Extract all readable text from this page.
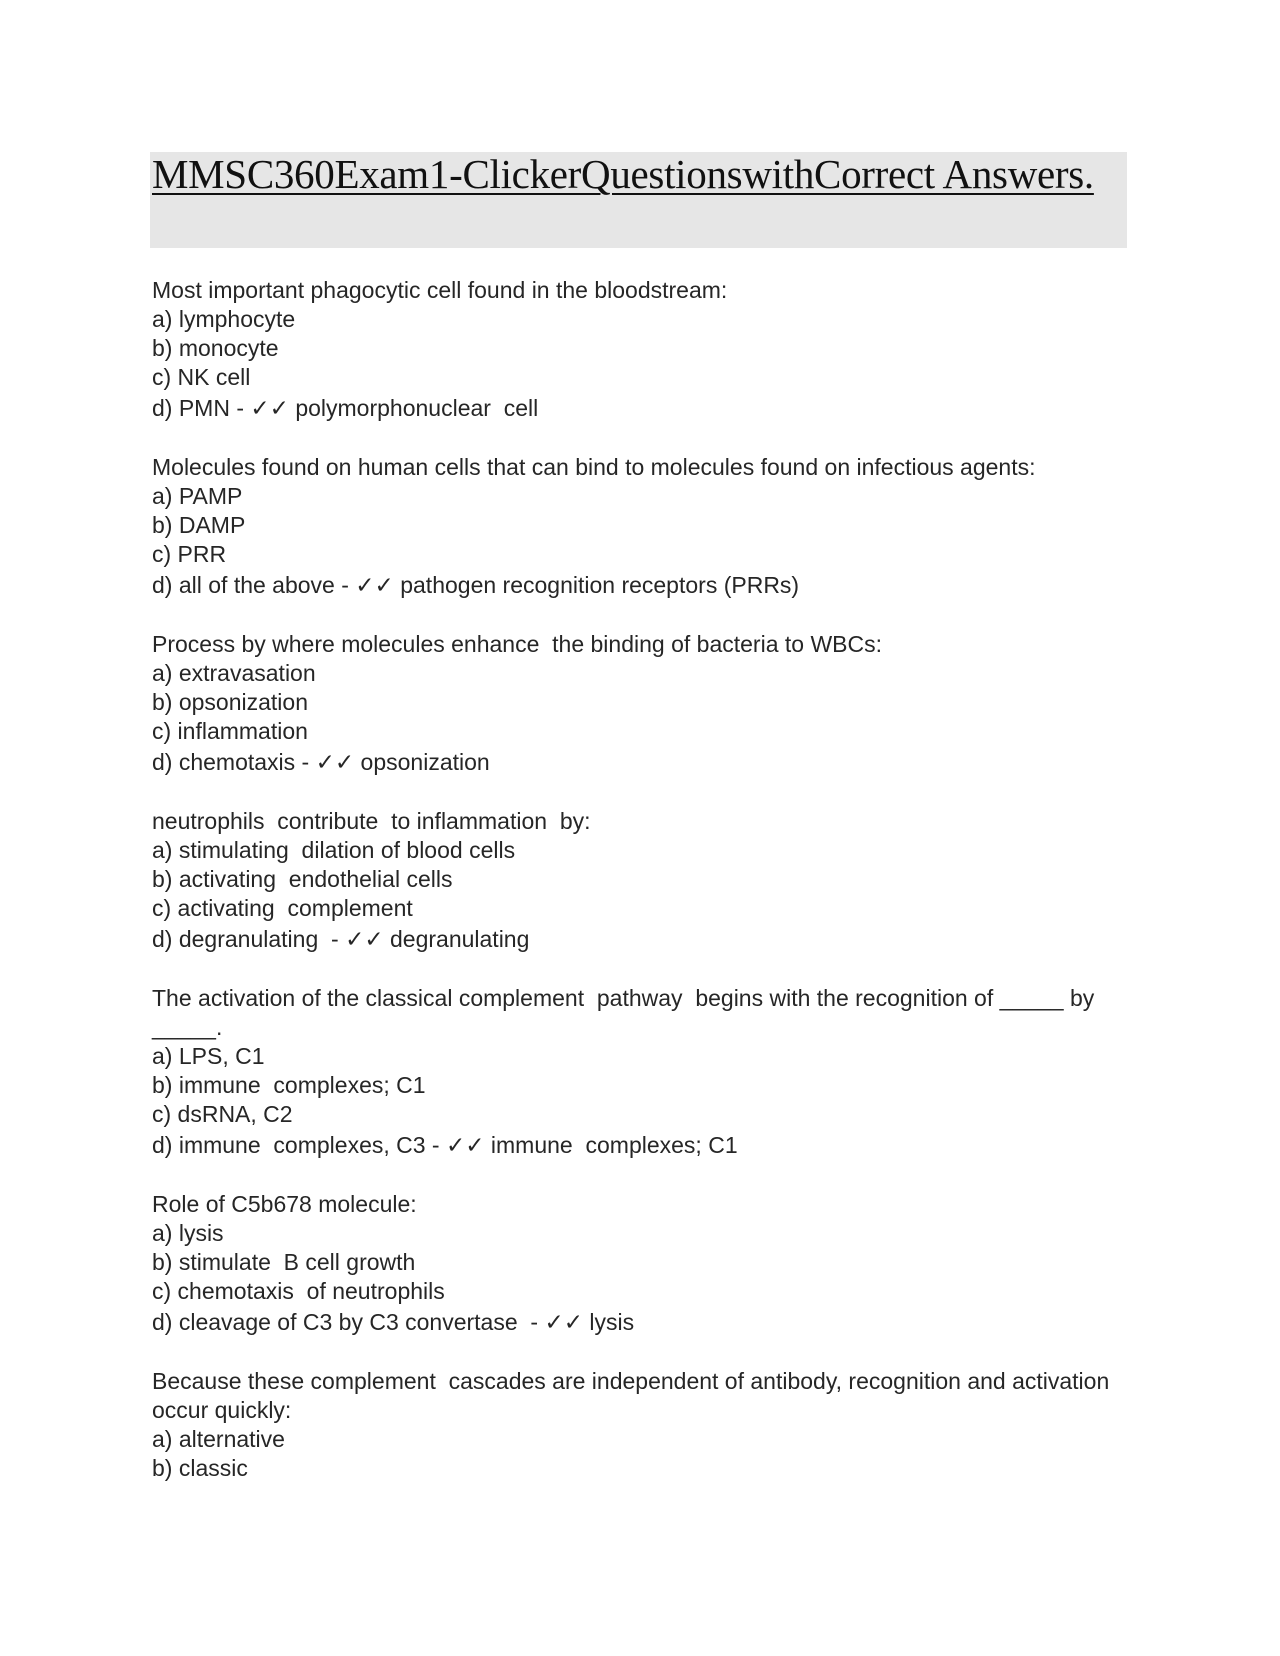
MMSC360Exam1-ClickerQuestionswithCorrect Answers.

Most important phagocytic cell found in the bloodstream:

a) lymphocyte

b) monocyte

c) NK cell

d) PMN - ✓✓ polymorphonuclear  cell

Molecules found on human cells that can bind to molecules found on infectious agents:

a) PAMP

b) DAMP

c) PRR

d) all of the above - ✓✓ pathogen recognition receptors (PRRs)

Process by where molecules enhance  the binding of bacteria to WBCs:

a) extravasation

b) opsonization

c) inflammation

d) chemotaxis - ✓✓ opsonization

neutrophils  contribute  to inflammation  by:

a) stimulating  dilation of blood cells

b) activating  endothelial cells

c) activating  complement

d) degranulating  - ✓✓ degranulating

The activation of the classical complement  pathway  begins with the recognition of _____ by _____.

a) LPS, C1

b) immune  complexes; C1

c) dsRNA, C2

d) immune  complexes, C3 - ✓✓ immune  complexes; C1

Role of C5b678 molecule:

a) lysis

b) stimulate  B cell growth

c) chemotaxis  of neutrophils

d) cleavage of C3 by C3 convertase  - ✓✓ lysis

Because these complement  cascades are independent of antibody, recognition and activation occur quickly:

a) alternative

b) classic
